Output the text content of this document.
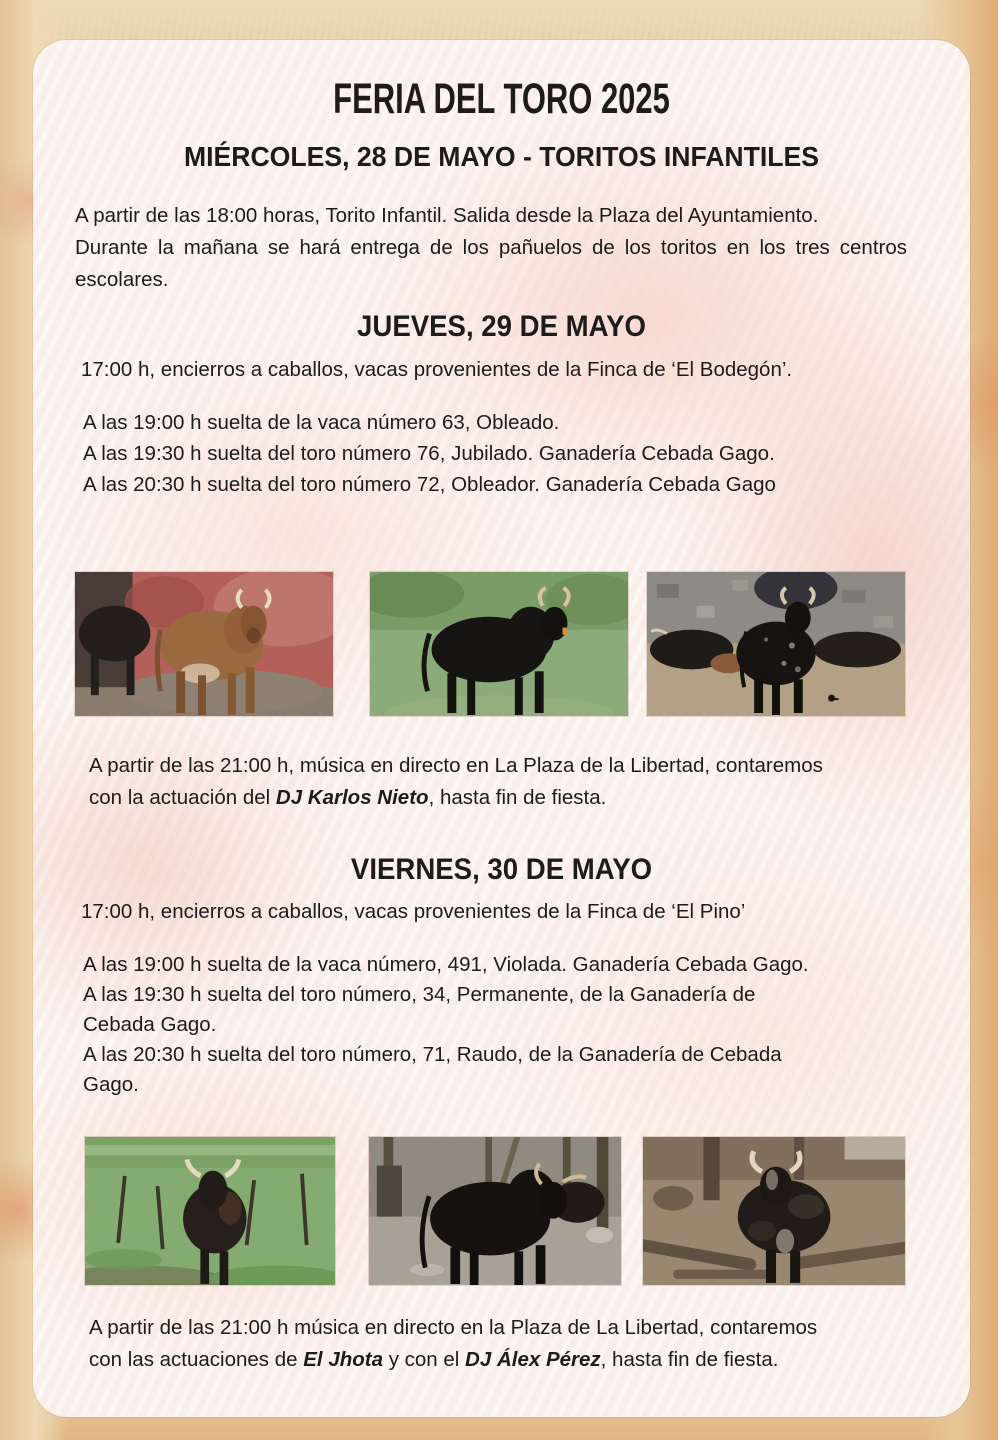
FERIA DEL TORO 2025
MIÉRCOLES, 28 DE MAYO - TORITOS INFANTILES
A partir de las 18:00 horas, Torito Infantil. Salida desde la Plaza del Ayuntamiento.
Durante la mañana se hará entrega de los pañuelos de los toritos en los tres centros
escolares.
JUEVES, 29 DE MAYO
17:00 h, encierros a caballos, vacas provenientes de la Finca de ‘El Bodegón’.
A las 19:00 h suelta de la vaca número 63, Obleado.
A las 19:30 h suelta del toro número 76, Jubilado. Ganadería Cebada Gago.
A las 20:30 h suelta del toro número 72, Obleador. Ganadería Cebada Gago
A partir de las 21:00 h, música en directo en La Plaza de la Libertad, contaremos
con la actuación del DJ Karlos Nieto, hasta fin de fiesta.
VIERNES, 30 DE MAYO
17:00 h, encierros a caballos, vacas provenientes de la Finca de ‘El Pino’
A las 19:00 h suelta de la vaca número, 491, Violada. Ganadería Cebada Gago.
A las 19:30 h suelta del toro número, 34, Permanente, de la Ganadería de
Cebada Gago.
A las 20:30 h suelta del toro número, 71, Raudo, de la Ganadería de Cebada
Gago.
A partir de las 21:00 h música en directo en la Plaza de La Libertad, contaremos
con las actuaciones de El Jhota y con el DJ Álex Pérez, hasta fin de fiesta.
